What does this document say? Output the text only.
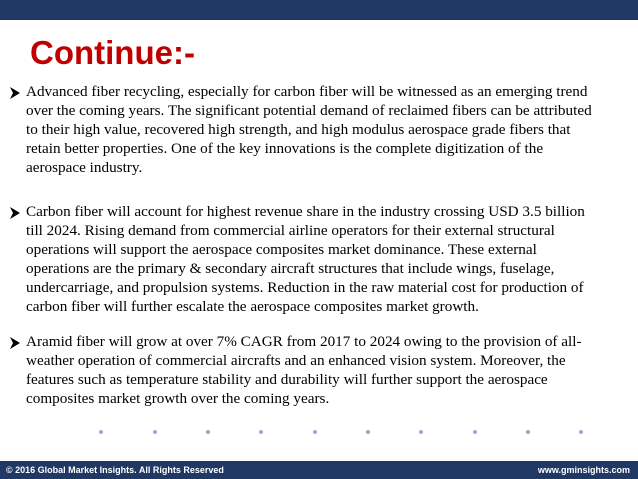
Continue:-
Advanced fiber recycling, especially for carbon fiber will be witnessed as an emerging trend
over the coming years. The significant potential demand of reclaimed fibers can be attributed
to their high value, recovered high strength, and high modulus aerospace grade fibers that
retain better properties. One of the key innovations is the complete digitization of the
aerospace industry.
Carbon fiber will account for highest revenue share in the industry crossing USD 3.5 billion
till 2024. Rising demand from commercial airline operators for their external structural
operations will support the aerospace composites market dominance. These external
operations are the primary & secondary aircraft structures that include wings, fuselage,
undercarriage, and propulsion systems. Reduction in the raw material cost for production of
carbon fiber will further escalate the aerospace composites market growth.
Aramid fiber will grow at over 7% CAGR from 2017 to 2024 owing to the provision of all-
weather operation of commercial aircrafts and an enhanced vision system. Moreover, the
features such as temperature stability and durability will further support the aerospace
composites market growth over the coming years.
© 2016 Global Market Insights. All Rights Reserved	www.gminsights.com
